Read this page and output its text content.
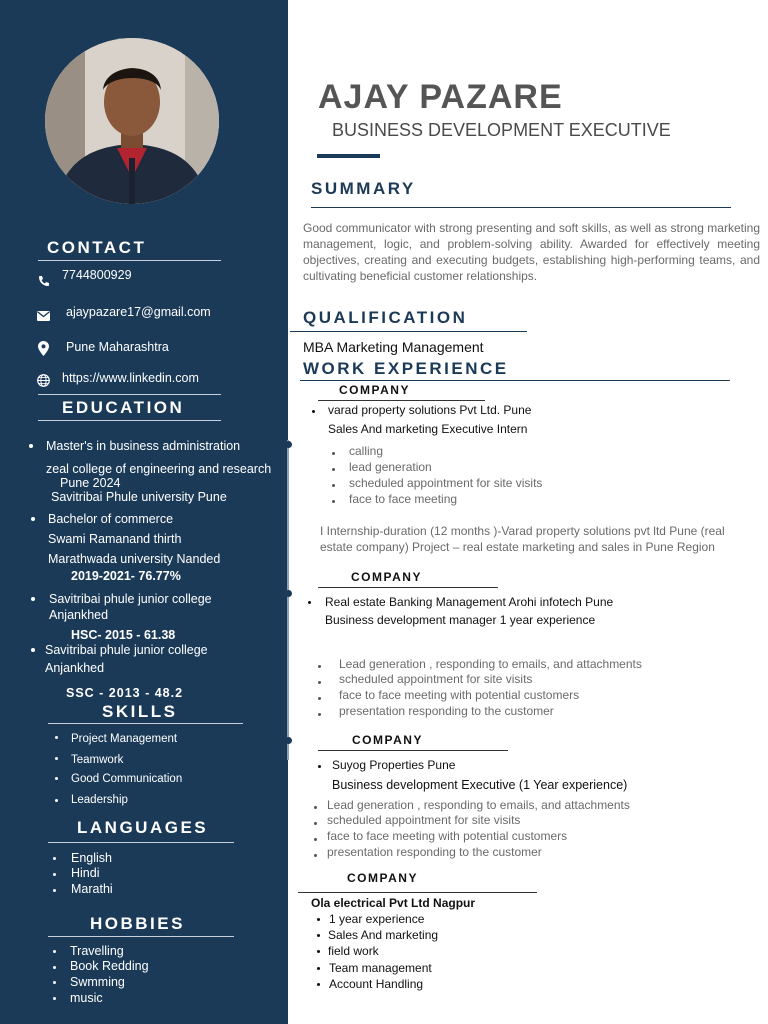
CONTACT
7744800929
ajaypazare17@gmail.com
Pune Maharashtra
https://www.linkedin.com
EDUCATION
Master's in business administration
zeal college of engineering and research
Pune 2024
Savitribai Phule university Pune
Bachelor of commerce
Swami Ramanand thirth
Marathwada university Nanded
2019-2021- 76.77%
Savitribai phule junior college
Anjankhed
HSC- 2015 - 61.38
Savitribai phule junior college
Anjankhed
SSC - 2013 - 48.2
SKILLS
Project Management
Teamwork
Good Communication
Leadership
LANGUAGES
English
Hindi
Marathi
HOBBIES
Travelling
Book Redding
Swmming
music
AJAY PAZARE
BUSINESS DEVELOPMENT EXECUTIVE
SUMMARY
Good communicator with strong presenting and soft skills, as well as strong marketing management, logic, and problem-solving ability. Awarded for effectively meeting objectives, creating and executing budgets, establishing high-performing teams, and cultivating beneficial customer relationships.
QUALIFICATION
MBA Marketing Management
WORK EXPERIENCE
COMPANY
varad property solutions Pvt Ltd. Pune
Sales And marketing Executive Intern
calling
lead generation
scheduled appointment for site visits
face to face meeting
I Internship-duration (12 months )-Varad property solutions pvt ltd Pune (real estate company) Project – real estate marketing and sales in Pune Region
COMPANY
Real estate Banking Management Arohi infotech Pune
Business development manager 1 year experience
Lead generation , responding to emails, and attachments
scheduled appointment for site visits
face to face meeting with potential customers
presentation responding to the customer
COMPANY
Suyog Properties Pune
Business development Executive (1 Year experience)
Lead generation , responding to emails, and attachments
scheduled appointment for site visits
face to face meeting with potential customers
presentation responding to the customer
COMPANY
Ola electrical Pvt Ltd Nagpur
1 year experience
Sales And marketing
field work
Team management
Account Handling
